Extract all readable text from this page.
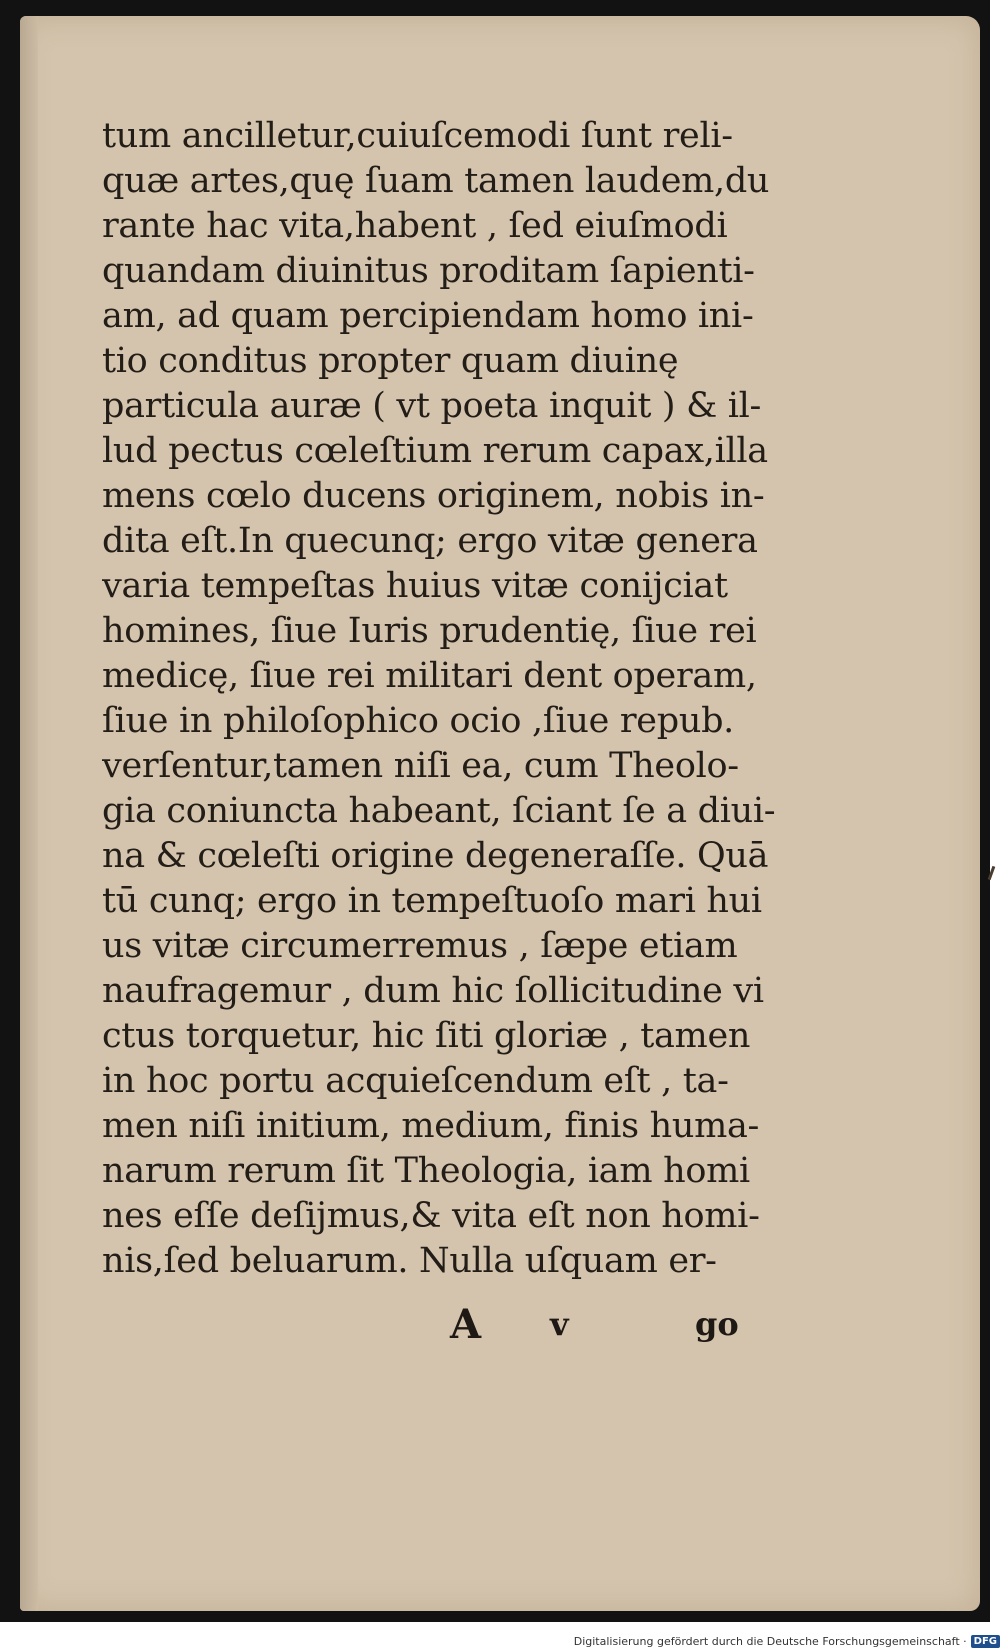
tum ancilletur,cuiuſcemodi ſunt reli-
quæ artes,quę ſuam tamen laudem,du
rante hac vita,habent , ſed eiuſmodi
quandam diuinitus proditam ſapienti-
am, ad quam percipiendam homo ini-
tio conditus propter quam diuinę
particula auræ ( vt poeta inquit ) & il-
lud pectus cœleſtium rerum capax,illa
mens cœlo ducens originem, nobis in-
dita eſt.In quecunq; ergo vitæ genera
varia tempeſtas huius vitæ conijciat
homines, ſiue Iuris prudentię, ſiue rei
medicę, ſiue rei militari dent operam,
ſiue in philoſophico ocio ,ſiue repub.
verſentur,tamen niſi ea, cum Theolo-
gia coniuncta habeant, ſciant ſe a diui-
na & cœleſti origine degeneraſſe. Quā
tū cunq; ergo in tempeſtuoſo mari hui
us vitæ circumerremus , ſæpe etiam
naufragemur , dum hic ſollicitudine vi
ctus torquetur, hic ſiti gloriæ , tamen
in hoc portu acquieſcendum eſt , ta-
men niſi initium, medium, finis huma-
narum rerum ſit Theologia, iam homi
nes eſſe deſijmus,& vita eſt non homi-
nis,ſed beluarum. Nulla uſquam er-
A v	go
Digitalisierung gefördert durch die Deutsche Forschungsgemeinschaft · DFG
